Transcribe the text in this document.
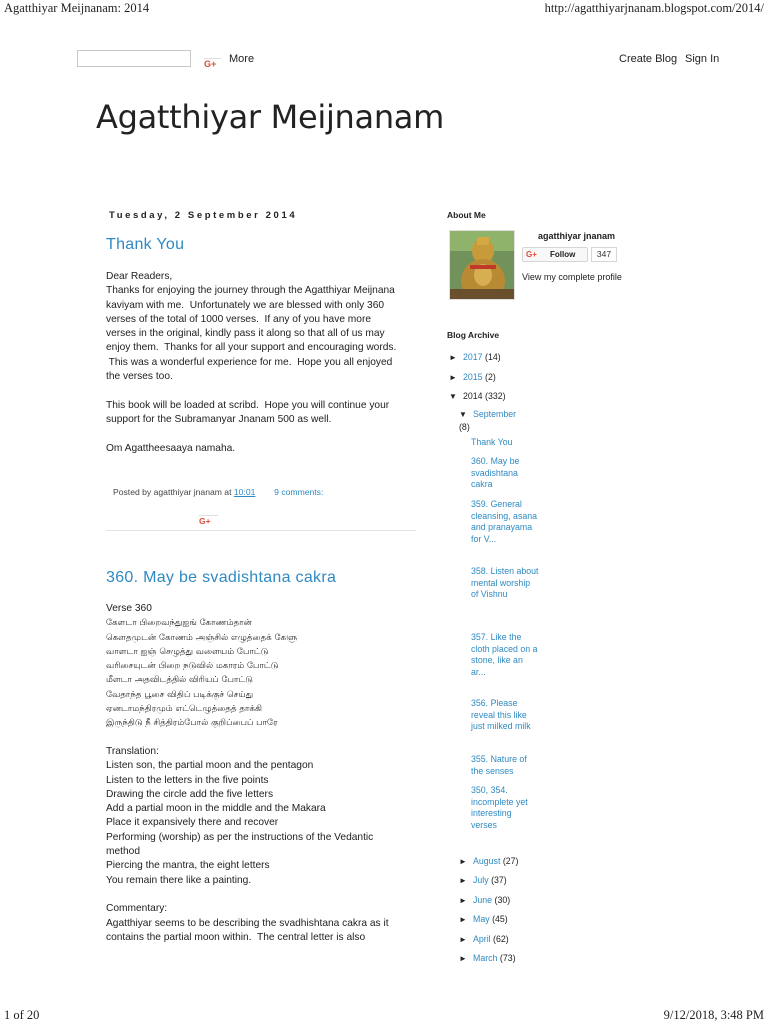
Agatthiyar Meijnanam: 2014	http://agatthiyarjnanam.blogspot.com/2014/
G+	More	Create Blog Sign In
Agatthiyar Meijnanam
Tuesday, 2 September 2014
Thank You
Dear Readers,
Thanks for enjoying the journey through the Agatthiyar Meijnana
kaviyam with me.  Unfortunately we are blessed with only 360
verses of the total of 1000 verses.  If any of you have more
verses in the original, kindly pass it along so that all of us may
enjoy them.  Thanks for all your support and encouraging words.
This was a wonderful experience for me.  Hope you all enjoyed
the verses too.
This book will be loaded at scribd.  Hope you will continue your
support for the Subramanyar Jnanam 500 as well.
Om Agattheesaaya namaha.
Posted by agatthiyar jnanam at 10:01 9 comments:
G+
360. May be svadishtana cakra
Verse 360
கேளடா பிறைவந்துஐங் கோணம்தான்
கெளதமுடன் கோணம் அஞ்சில் எழுத்தைக் கேளு
வாளடா ஐஞ் செழுத்து வளையம் போட்டு
வரிசையுடன் பிறை நடுவில் மகாரம் போட்டு
மீளடா அதவிடத்தில் விரியப் போட்டு
வேதாந்த பூசை விதிப் படிக்குச் செய்து
ஏனடாமந்திரமும் எட்டெழுத்தைத் தாக்கி
இருந்திடு நீ சித்திரம்போல் குறிப்பைப் பாரே
Translation:
Listen son, the partial moon and the pentagon
Listen to the letters in the five points
Drawing the circle add the five letters
Add a partial moon in the middle and the Makara
Place it expansively there and recover
Performing (worship) as per the instructions of the Vedantic
method
Piercing the mantra, the eight letters
You remain there like a painting.
Commentary:
Agatthiyar seems to be describing the svadhishtana cakra as it
contains the partial moon within.  The central letter is also
About Me
agatthiyar jnanam
G+ Follow	347
View my complete profile
Blog Archive
► 2017 (14)
► 2015 (2)
▼ 2014 (332)
▼ September (8)
Thank You
360. May be svadishtana cakra
359. General cleansing, asana and pranayama for V...
358. Listen about mental worship of Vishnu
357. Like the cloth placed on a stone, like an ar...
356. Please reveal this like just milked milk
355. Nature of the senses
350, 354. incomplete yet interesting verses
► August (27)
► July (37)
► June (30)
► May (45)
► April (62)
► March (73)
1 of 20	9/12/2018, 3:48 PM
